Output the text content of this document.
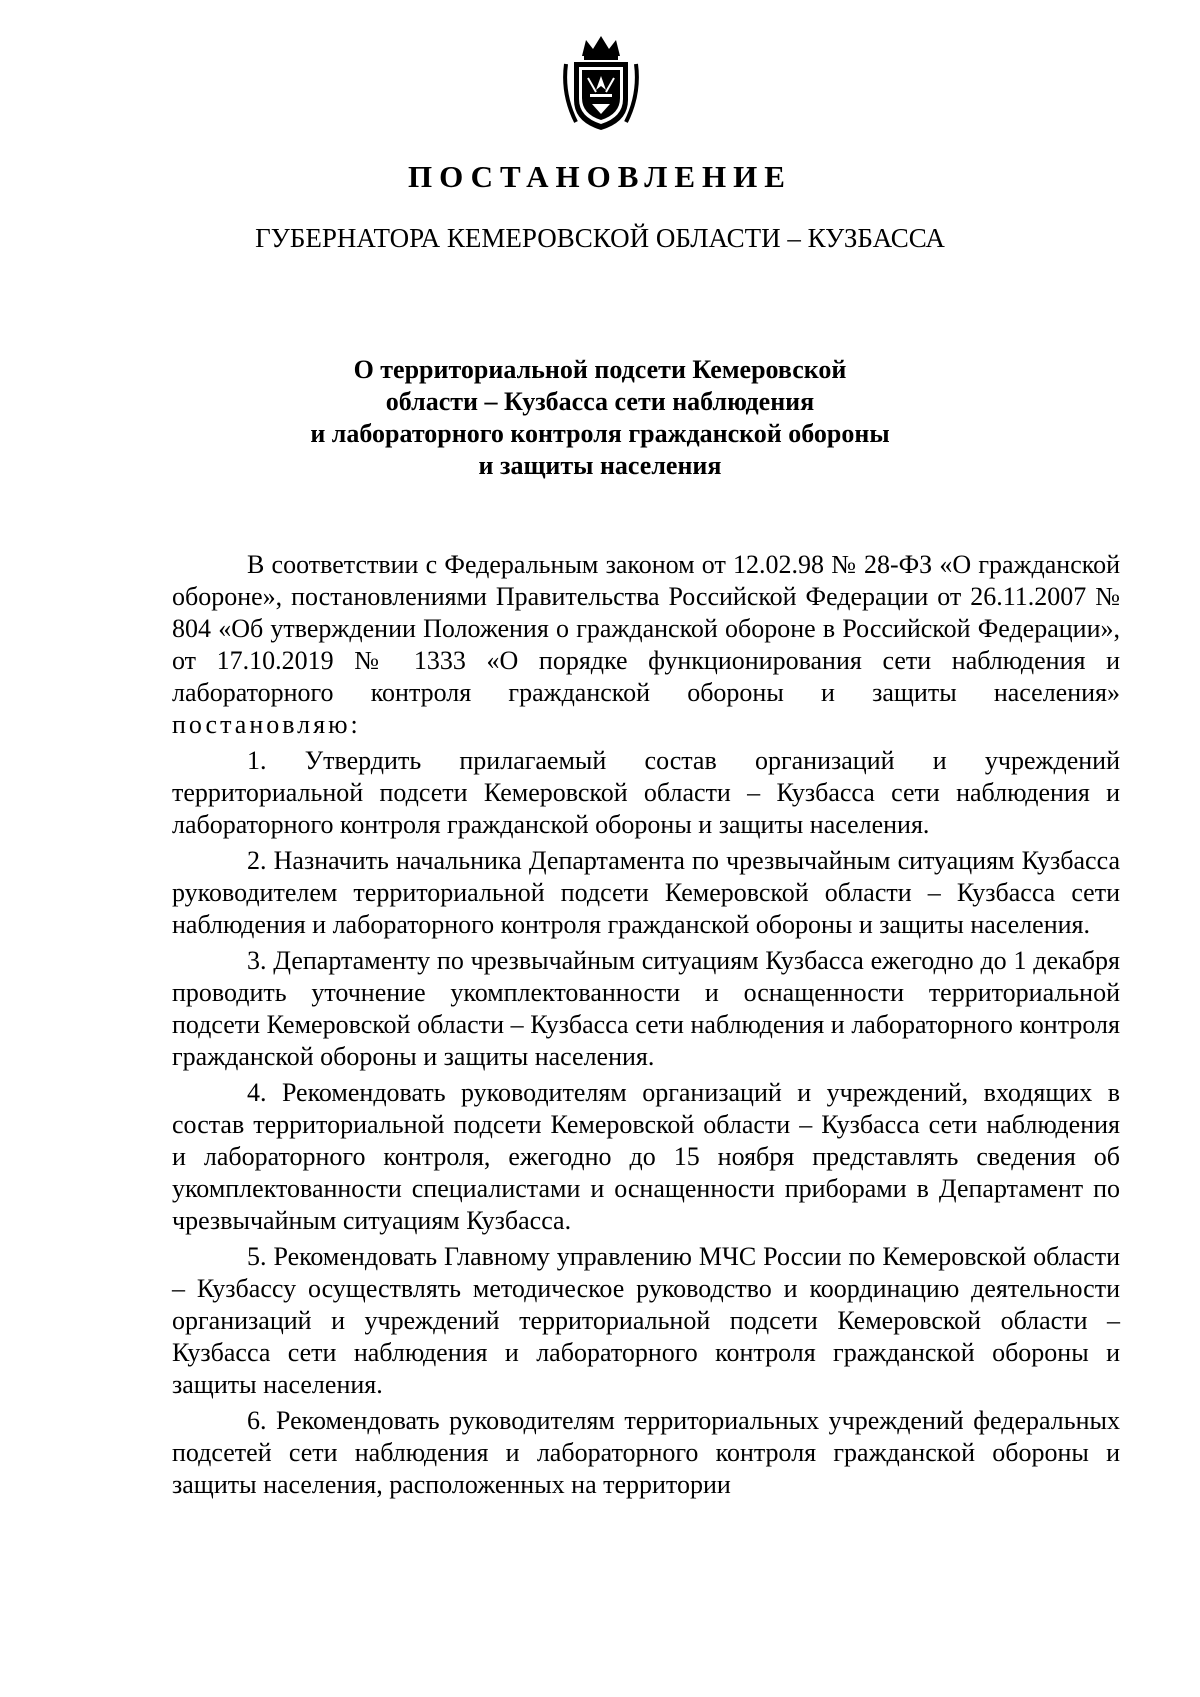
ПОСТАНОВЛЕНИЕ
ГУБЕРНАТОРА КЕМЕРОВСКОЙ ОБЛАСТИ – КУЗБАССА
О территориальной подсети Кемеровской
области – Кузбасса сети наблюдения
и лабораторного контроля гражданской обороны
и защиты населения

В соответствии с Федеральным законом от 12.02.98 № 28-ФЗ «О гражданской обороне», постановлениями Правительства Российской Федерации от 26.11.2007 № 804 «Об утверждении Положения о гражданской обороне в Российской Федерации», от 17.10.2019 № 1333 «О порядке функционирования сети наблюдения и лабораторного контроля гражданской обороны и защиты населения» постановляю:

1. Утвердить прилагаемый состав организаций и учреждений территориальной подсети Кемеровской области – Кузбасса сети наблюдения и лабораторного контроля гражданской обороны и защиты населения.

2. Назначить начальника Департамента по чрезвычайным ситуациям Кузбасса руководителем территориальной подсети Кемеровской области – Кузбасса сети наблюдения и лабораторного контроля гражданской обороны и защиты населения.

3. Департаменту по чрезвычайным ситуациям Кузбасса ежегодно до 1 декабря проводить уточнение укомплектованности и оснащенности территориальной подсети Кемеровской области – Кузбасса сети наблюдения и лабораторного контроля гражданской обороны и защиты населения.

4. Рекомендовать руководителям организаций и учреждений, входящих в состав территориальной подсети Кемеровской области – Кузбасса сети наблюдения и лабораторного контроля, ежегодно до 15 ноября представлять сведения об укомплектованности специалистами и оснащенности приборами в Департамент по чрезвычайным ситуациям Кузбасса.

5. Рекомендовать Главному управлению МЧС России по Кемеровской области – Кузбассу осуществлять методическое руководство и координацию деятельности организаций и учреждений территориальной подсети Кемеровской области – Кузбасса сети наблюдения и лабораторного контроля гражданской обороны и защиты населения.

6. Рекомендовать руководителям территориальных учреждений федеральных подсетей сети наблюдения и лабораторного контроля гражданской обороны и защиты населения, расположенных на территории
